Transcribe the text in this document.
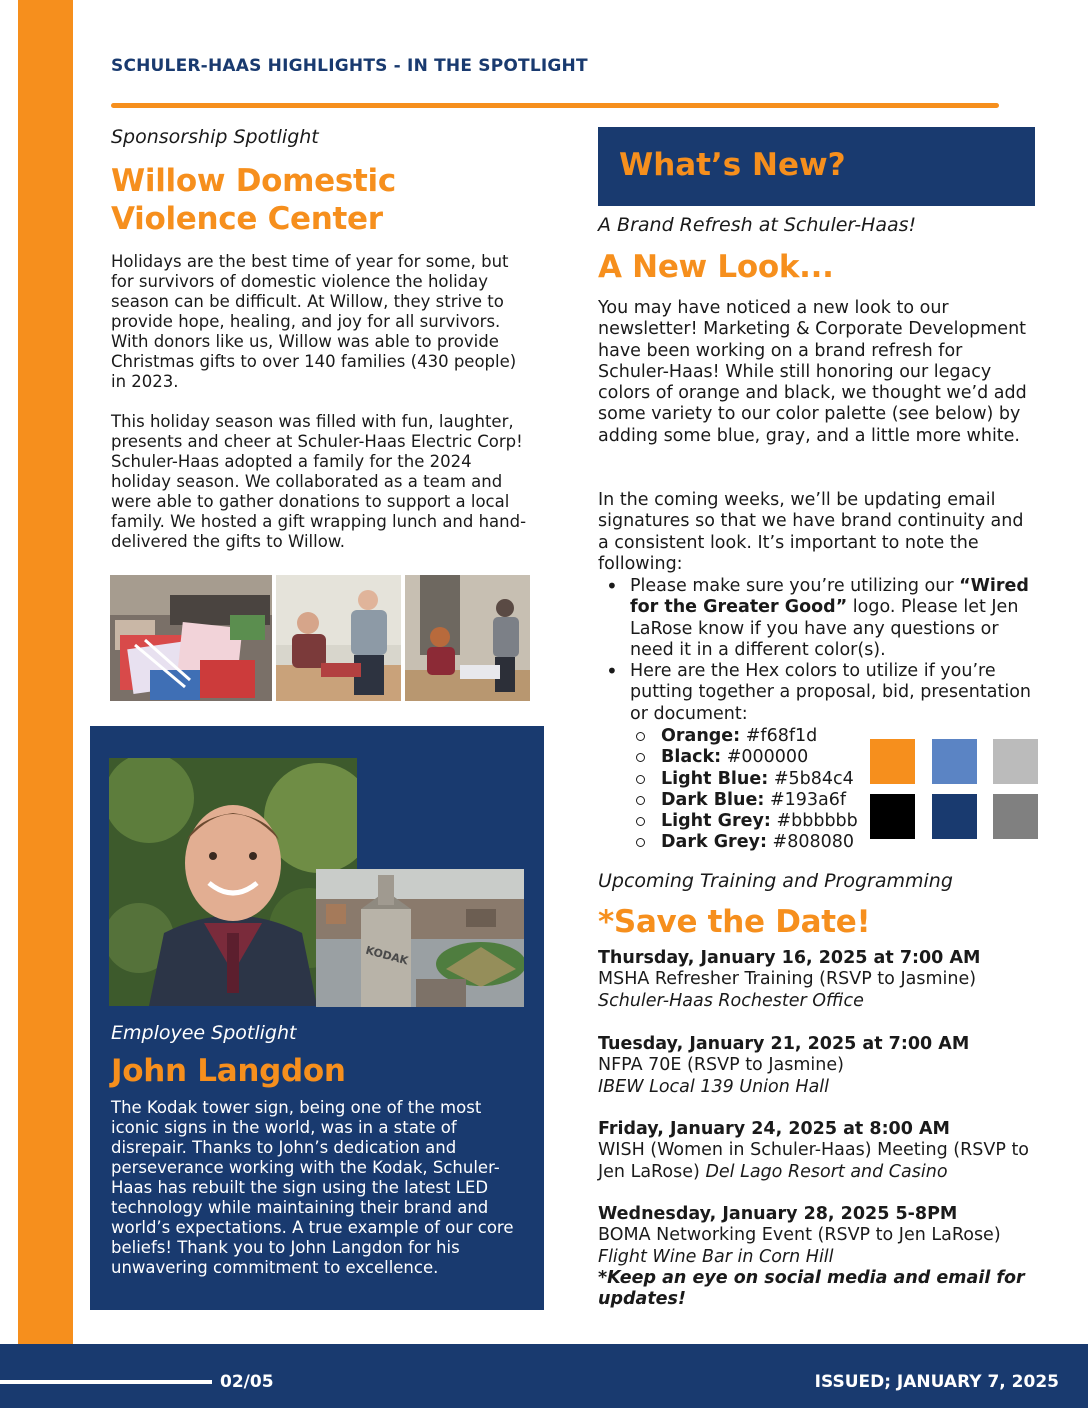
SCHULER-HAAS HIGHLIGHTS - IN THE SPOTLIGHT
Sponsorship Spotlight
Willow Domestic
Violence Center
Holidays are the best time of year for some, but for survivors of domestic violence the holiday season can be difficult. At Willow, they strive to provide hope, healing, and joy for all survivors. With donors like us, Willow was able to provide Christmas gifts to over 140 families (430 people) in 2023.
This holiday season was filled with fun, laughter, presents and cheer at Schuler-Haas Electric Corp! Schuler-Haas adopted a family for the 2024 holiday season. We collaborated as a team and were able to gather donations to support a local family. We hosted a gift wrapping lunch and hand-delivered the gifts to Willow.
KODAK
Employee Spotlight
John Langdon
The Kodak tower sign, being one of the most iconic signs in the world, was in a state of disrepair. Thanks to John’s dedication and perseverance working with the Kodak, Schuler-Haas has rebuilt the sign using the latest LED technology while maintaining their brand and world’s expectations. A true example of our core beliefs! Thank you to John Langdon for his unwavering commitment to excellence.
What’s New?
A Brand Refresh at Schuler-Haas!
A New Look...
You may have noticed a new look to our newsletter! Marketing & Corporate Development have been working on a brand refresh for Schuler-Haas! While still honoring our legacy colors of orange and black, we thought we’d add some variety to our color palette (see below) by adding some blue, gray, and a little more white.
In the coming weeks, we’ll be updating email signatures so that we have brand continuity and a consistent look. It’s important to note the following:
• Please make sure you’re utilizing our “Wired for the Greater Good” logo. Please let Jen LaRose know if you have any questions or need it in a different color(s).
• Here are the Hex colors to utilize if you’re putting together a proposal, bid, presentation or document:
Orange: #f68f1d
Black: #000000
Light Blue: #5b84c4
Dark Blue: #193a6f
Light Grey: #bbbbbb
Dark Grey: #808080
Upcoming Training and Programming
*Save the Date!
Thursday, January 16, 2025 at 7:00 AM
MSHA Refresher Training (RSVP to Jasmine)
Schuler-Haas Rochester Office
Tuesday, January 21, 2025 at 7:00 AM
NFPA 70E (RSVP to Jasmine)
IBEW Local 139 Union Hall
Friday, January 24, 2025 at 8:00 AM
WISH (Women in Schuler-Haas) Meeting (RSVP to Jen LaRose) Del Lago Resort and Casino
Wednesday, January 28, 2025 5-8PM
BOMA Networking Event (RSVP to Jen LaRose)
Flight Wine Bar in Corn Hill
*Keep an eye on social media and email for updates!
02/05	ISSUED; JANUARY 7, 2025
